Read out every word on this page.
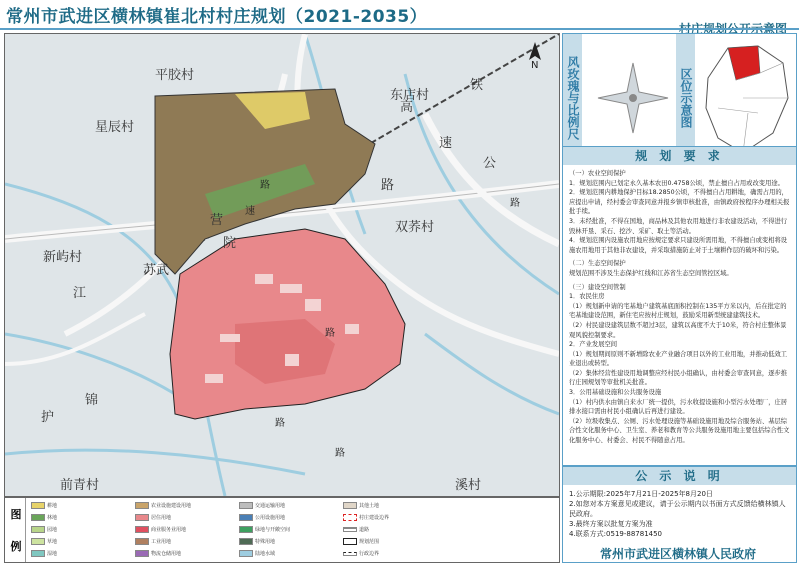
常州市武进区横林镇崔北村村庄规划（2021-2035）
N
平胶村
星辰村
东店村
铁
高
速
公
路
双荞村
新屿村
苏武
江
营
院
锦
护
前青村	溪村
路
速
路
路
路
路
风玫瑰与比例尺	区位示意图
规 划 要 求

（一）农业空间保护

1．规划范围内已划定永久基本农田0.4758公顷，禁止擅自占用或改变用途。

2．规划范围内耕地保护目标18.2850公顷，不得擅自占用耕地，确需占用的，应提出申请，经村委会审查同意并报乡镇审核批准，由镇政府按程序办理相关报批手续。

3．未经批准，不得在国地，商品林及其他农用地进行非农建设活动，不得进行毁林开垦、采石、挖沙、采矿、取土等活动。

4．规划范围内设施农用地应按规定要求只建设所需用地，不得擅自或变相将设施农用地用于其他非农建设，并采取措施防止对于土壤耕作层的破坏和污染。

（二）生态空间保护

规划范围不涉及生态保护红线和江苏省生态空间管控区域。

（三）建设空间管制

1．农民住房

（1）规划新申请的宅基地户建筑基底面积控制在135平方米以内，后在批定的宅基地建设范围，新住宅应按村庄规划，鼓励采用新型统建建筑技术。

（2）村民建设建筑层数不超过3层，建筑以高度不大于10米，符合村庄整体景观风貌控制要求。

2．产业发展空间

（1）规划期间原则不新增除农业产业融合项目以外的工业用地，并推动低效工业退出或转型。

（2）集体经营性建设用地调整应经村民小组确认，由村委会审查同意，逐步推行庄园规划等审批机关批准。

3．公用基础设施和公共服务设施

（1）村内供水由镇自来水厂统一提供，污水收提设施和小型污水处理厂，庄居排水接口需由村民小组确认后再进行建设。

（2）垃圾收集点、公厕、污水处理设施等基础设施用地及综合服务站、基层综合性文化服务中心、卫生室、养老和教育等公共服务设施用地主要包括综合性文化服务中心、村委会、村民不得随意占用。

公 示 说 明

1.公示期限:2025年7月21日-2025年8月20日

2.如您对本方案意见或建议，请于公示期内以书面方式反馈给横林镇人民政府。

3.最终方案以批复方案为准

4.联系方式:0519-88781450

常州市武进区横林镇人民政府
图
例
耕地
林地
园地
草地
湿地
农业设施建设用地
居住用地
商业服务业用地
工业用地
物流仓储用地
交通运输用地
公用设施用地
绿地与开敞空间
特殊用地
陆地水域
其他土地
村庄建设边界
道路
规划范围
行政边界
